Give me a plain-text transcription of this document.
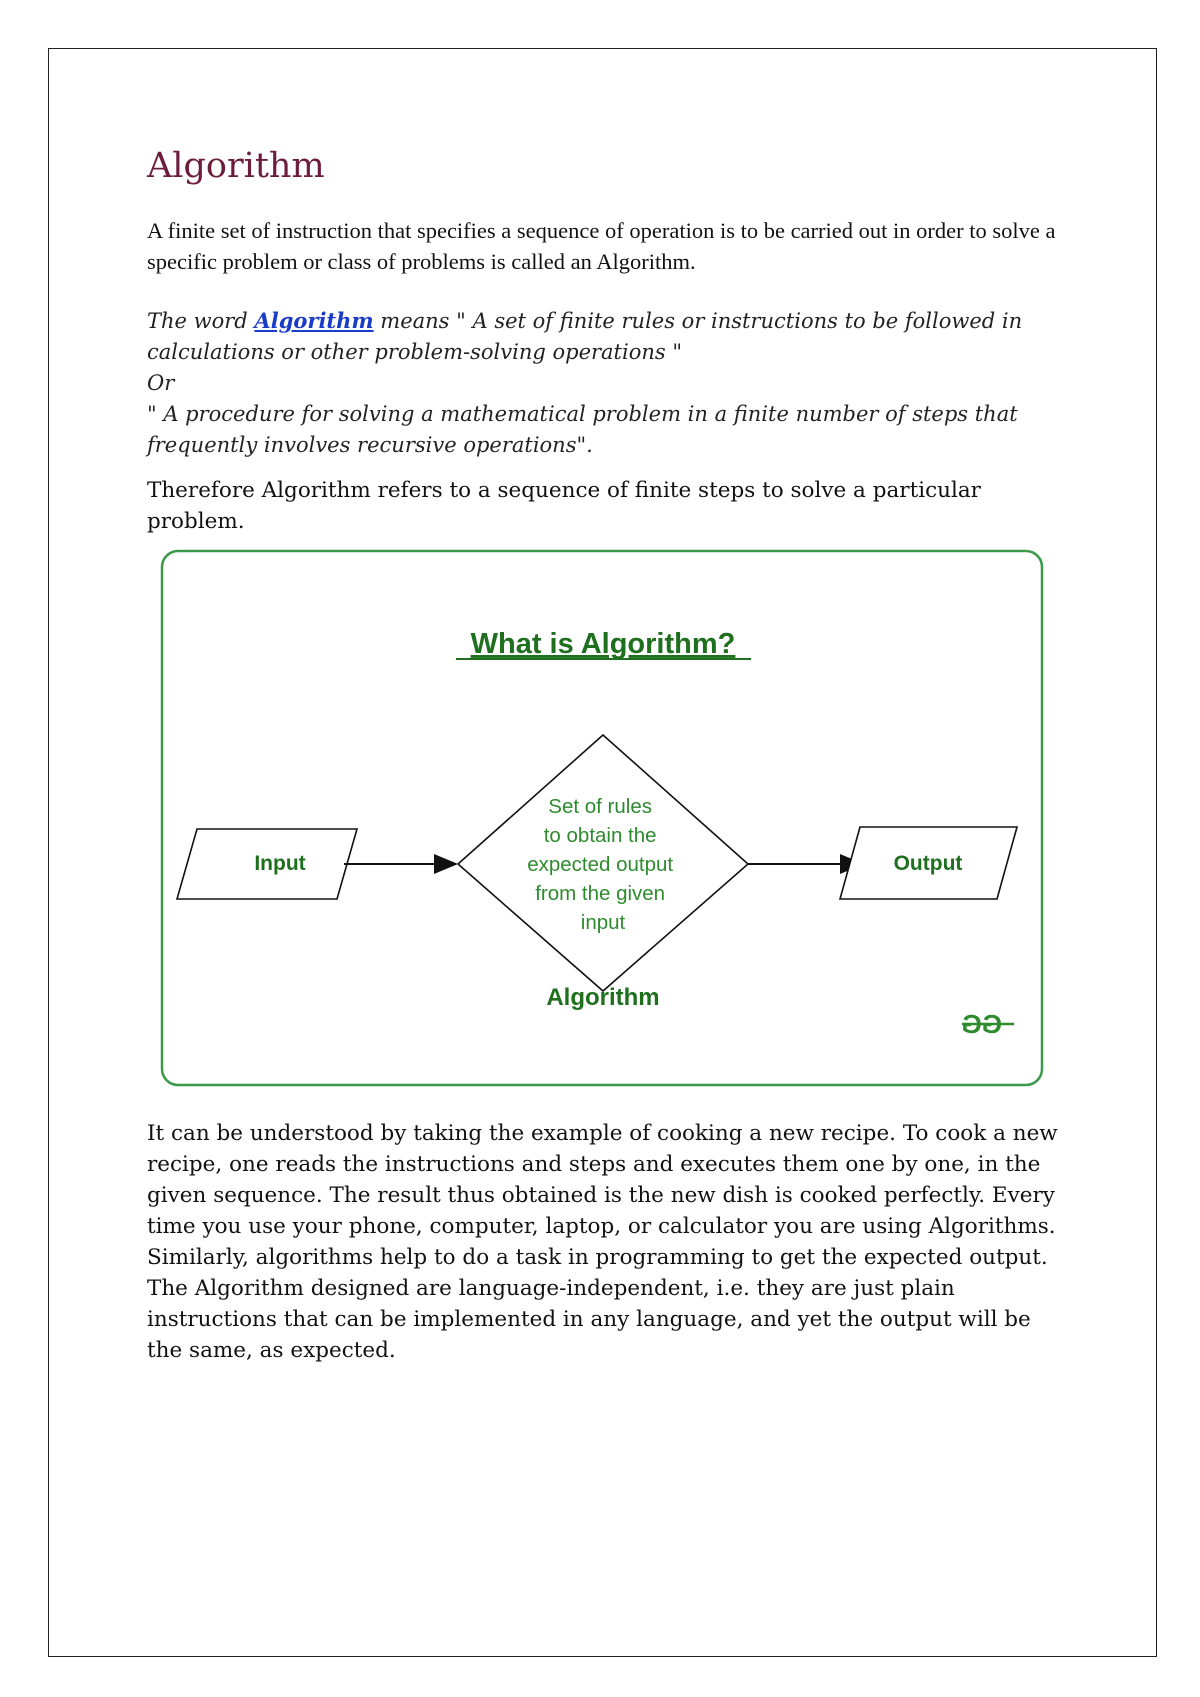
Algorithm

A finite set of instruction that specifies a sequence of operation is to be carried out in order to solve a specific problem or class of problems is called an Algorithm.

The word Algorithm means " A set of finite rules or instructions to be followed in
calculations or other problem-solving operations "
Or
" A procedure for solving a mathematical problem in a finite number of steps that
frequently involves recursive operations".

Therefore Algorithm refers to a sequence of finite steps to solve a particular problem.

What is Algorithm?
Input
Set of rules to obtain the expected output from the given input
Output
Algorithm
GG

It can be understood by taking the example of cooking a new recipe. To cook a new recipe, one reads the instructions and steps and executes them one by one, in the given sequence. The result thus obtained is the new dish is cooked perfectly. Every time you use your phone, computer, laptop, or calculator you are using Algorithms. Similarly, algorithms help to do a task in programming to get the expected output.

The Algorithm designed are language-independent, i.e. they are just plain instructions that can be implemented in any language, and yet the output will be the same, as expected.
